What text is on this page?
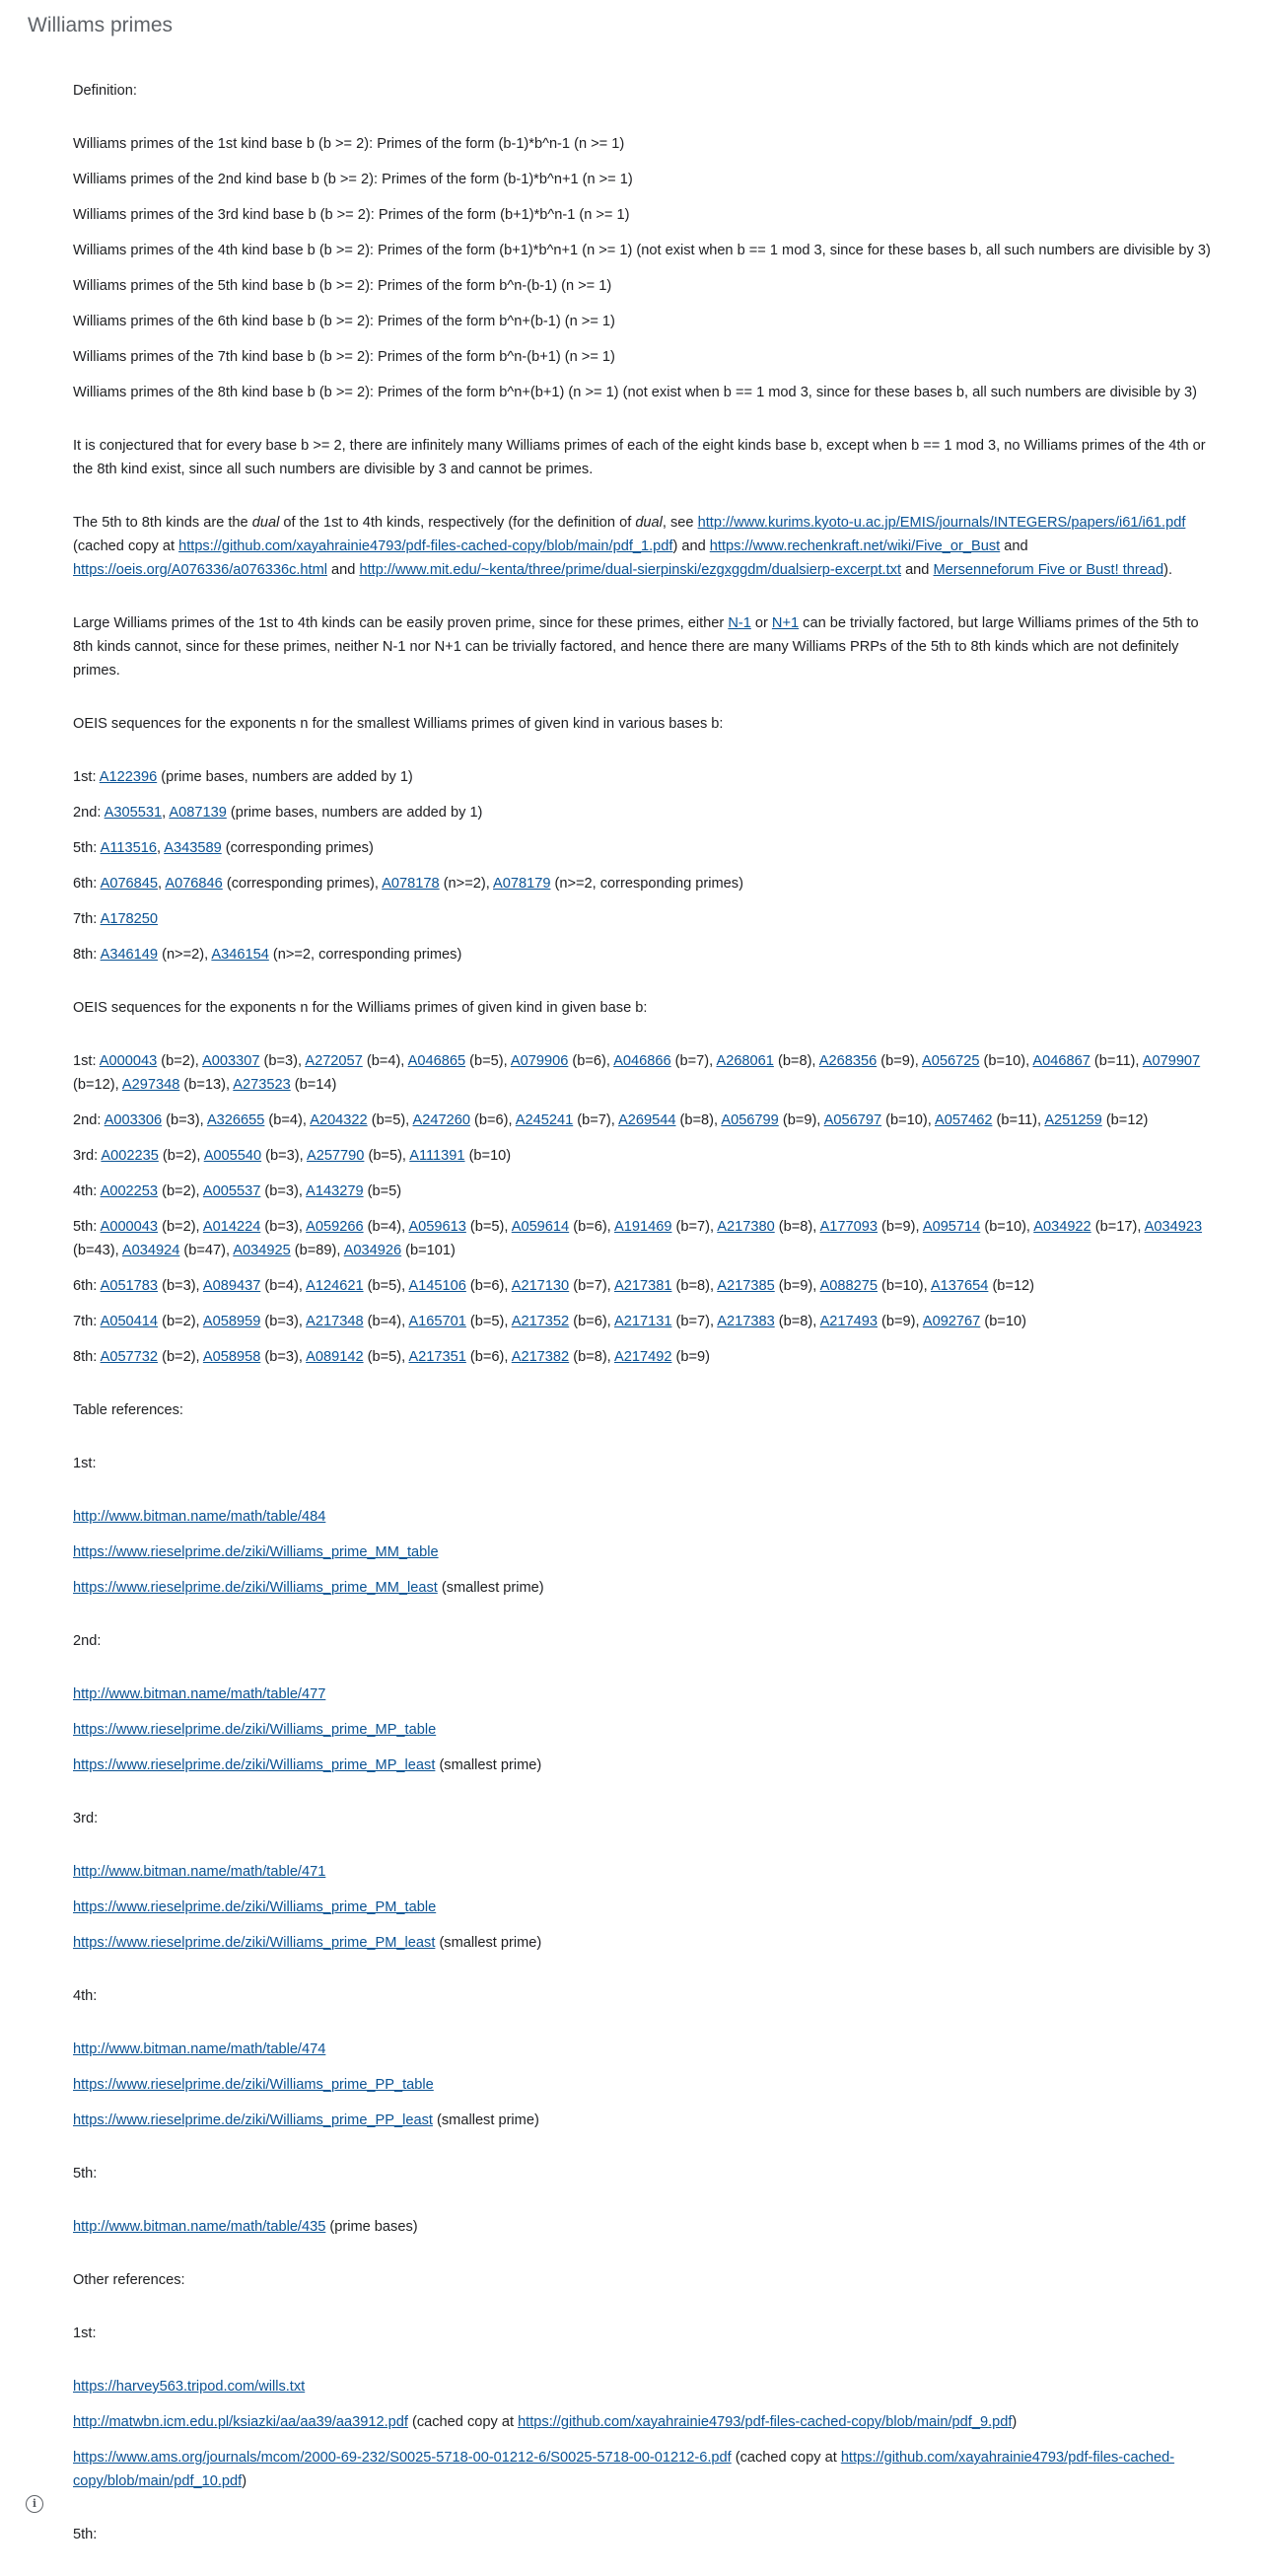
Williams primes
Definition:
Williams primes of the 1st kind base b (b >= 2): Primes of the form (b-1)*b^n-1 (n >= 1)
Williams primes of the 2nd kind base b (b >= 2): Primes of the form (b-1)*b^n+1 (n >= 1)
Williams primes of the 3rd kind base b (b >= 2): Primes of the form (b+1)*b^n-1 (n >= 1)
Williams primes of the 4th kind base b (b >= 2): Primes of the form (b+1)*b^n+1 (n >= 1) (not exist when b == 1 mod 3, since for these bases b, all such numbers are divisible by 3)
Williams primes of the 5th kind base b (b >= 2): Primes of the form b^n-(b-1) (n >= 1)
Williams primes of the 6th kind base b (b >= 2): Primes of the form b^n+(b-1) (n >= 1)
Williams primes of the 7th kind base b (b >= 2): Primes of the form b^n-(b+1) (n >= 1)
Williams primes of the 8th kind base b (b >= 2): Primes of the form b^n+(b+1) (n >= 1) (not exist when b == 1 mod 3, since for these bases b, all such numbers are divisible by 3)
It is conjectured that for every base b >= 2, there are infinitely many Williams primes of each of the eight kinds base b, except when b == 1 mod 3, no Williams primes of the 4th or the 8th kind exist, since all such numbers are divisible by 3 and cannot be primes.
The 5th to 8th kinds are the dual of the 1st to 4th kinds, respectively (for the definition of dual, see http://www.kurims.kyoto-u.ac.jp/EMIS/journals/INTEGERS/papers/i61/i61.pdf (cached copy at https://github.com/xayahrainie4793/pdf-files-cached-copy/blob/main/pdf_1.pdf) and https://www.rechenkraft.net/wiki/Five_or_Bust and https://oeis.org/A076336/a076336c.html and http://www.mit.edu/~kenta/three/prime/dual-sierpinski/ezgxggdm/dualsierp-excerpt.txt and Mersenneforum Five or Bust! thread).
Large Williams primes of the 1st to 4th kinds can be easily proven prime, since for these primes, either N-1 or N+1 can be trivially factored, but large Williams primes of the 5th to 8th kinds cannot, since for these primes, neither N-1 nor N+1 can be trivially factored, and hence there are many Williams PRPs of the 5th to 8th kinds which are not definitely primes.
OEIS sequences for the exponents n for the smallest Williams primes of given kind in various bases b:
1st: A122396 (prime bases, numbers are added by 1)
2nd: A305531, A087139 (prime bases, numbers are added by 1)
5th: A113516, A343589 (corresponding primes)
6th: A076845, A076846 (corresponding primes), A078178 (n>=2), A078179 (n>=2, corresponding primes)
7th: A178250
8th: A346149 (n>=2), A346154 (n>=2, corresponding primes)
OEIS sequences for the exponents n for the Williams primes of given kind in given base b:
1st: A000043 (b=2), A003307 (b=3), A272057 (b=4), A046865 (b=5), A079906 (b=6), A046866 (b=7), A268061 (b=8), A268356 (b=9), A056725 (b=10), A046867 (b=11), A079907 (b=12), A297348 (b=13), A273523 (b=14)
2nd: A003306 (b=3), A326655 (b=4), A204322 (b=5), A247260 (b=6), A245241 (b=7), A269544 (b=8), A056799 (b=9), A056797 (b=10), A057462 (b=11), A251259 (b=12)
3rd: A002235 (b=2), A005540 (b=3), A257790 (b=5), A111391 (b=10)
4th: A002253 (b=2), A005537 (b=3), A143279 (b=5)
5th: A000043 (b=2), A014224 (b=3), A059266 (b=4), A059613 (b=5), A059614 (b=6), A191469 (b=7), A217380 (b=8), A177093 (b=9), A095714 (b=10), A034922 (b=17), A034923 (b=43), A034924 (b=47), A034925 (b=89), A034926 (b=101)
6th: A051783 (b=3), A089437 (b=4), A124621 (b=5), A145106 (b=6), A217130 (b=7), A217381 (b=8), A217385 (b=9), A088275 (b=10), A137654 (b=12)
7th: A050414 (b=2), A058959 (b=3), A217348 (b=4), A165701 (b=5), A217352 (b=6), A217131 (b=7), A217383 (b=8), A217493 (b=9), A092767 (b=10)
8th: A057732 (b=2), A058958 (b=3), A089142 (b=5), A217351 (b=6), A217382 (b=8), A217492 (b=9)
Table references:
1st:
http://www.bitman.name/math/table/484
https://www.rieselprime.de/ziki/Williams_prime_MM_table
https://www.rieselprime.de/ziki/Williams_prime_MM_least (smallest prime)
2nd:
http://www.bitman.name/math/table/477
https://www.rieselprime.de/ziki/Williams_prime_MP_table
https://www.rieselprime.de/ziki/Williams_prime_MP_least (smallest prime)
3rd:
http://www.bitman.name/math/table/471
https://www.rieselprime.de/ziki/Williams_prime_PM_table
https://www.rieselprime.de/ziki/Williams_prime_PM_least (smallest prime)
4th:
http://www.bitman.name/math/table/474
https://www.rieselprime.de/ziki/Williams_prime_PP_table
https://www.rieselprime.de/ziki/Williams_prime_PP_least (smallest prime)
5th:
http://www.bitman.name/math/table/435 (prime bases)
Other references:
1st:
https://harvey563.tripod.com/wills.txt
http://matwbn.icm.edu.pl/ksiazki/aa/aa39/aa3912.pdf (cached copy at https://github.com/xayahrainie4793/pdf-files-cached-copy/blob/main/pdf_9.pdf)
https://www.ams.org/journals/mcom/2000-69-232/S0025-5718-00-01212-6/S0025-5718-00-01212-6.pdf (cached copy at https://github.com/xayahrainie4793/pdf-files-cached-copy/blob/main/pdf_10.pdf)
5th:
i
